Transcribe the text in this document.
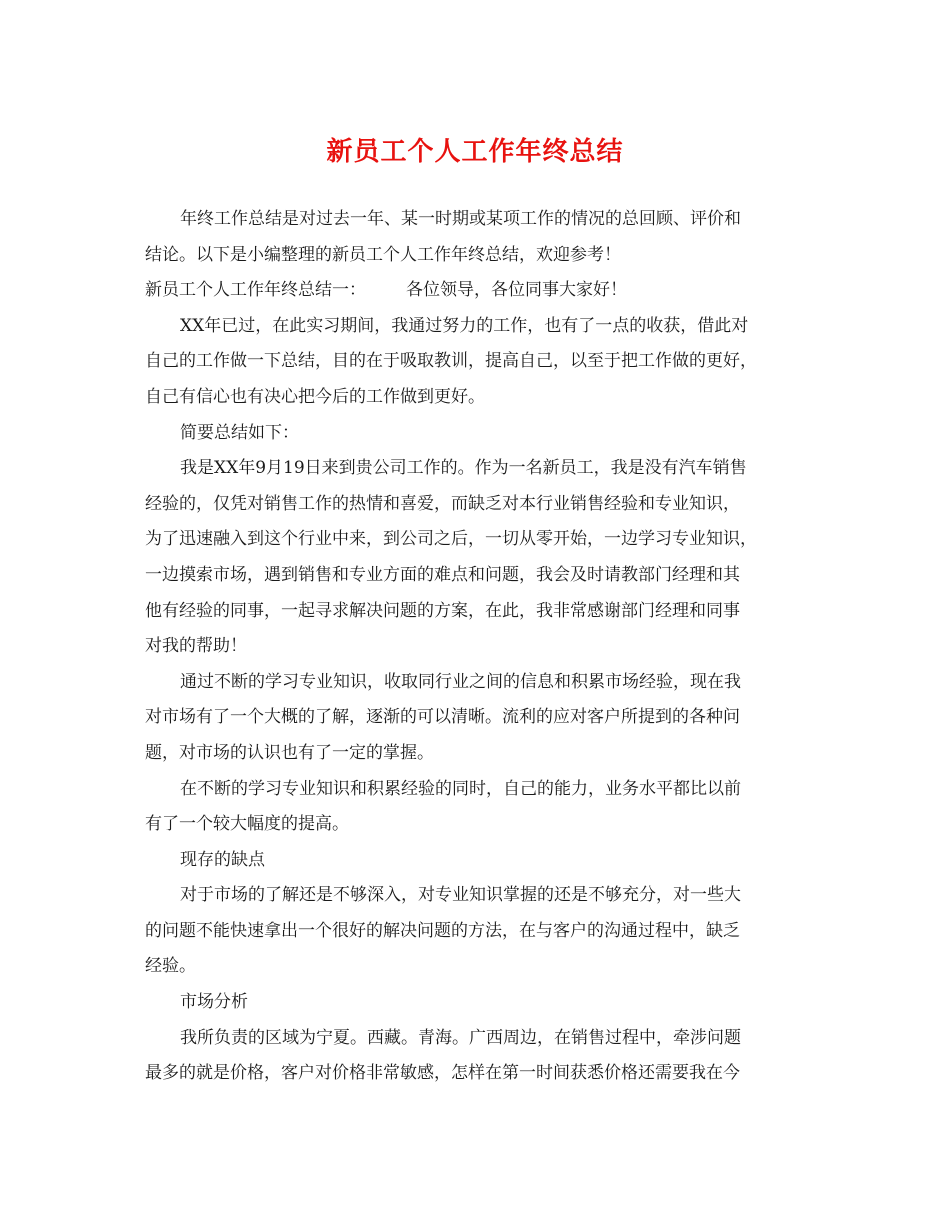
新员工个人工作年终总结
年终工作总结是对过去一年、某一时期或某项工作的情况的总回顾、评价和
结论。以下是小编整理的新员工个人工作年终总结，欢迎参考！
新员工个人工作年终总结一： 各位领导，各位同事大家好！
XX年已过，在此实习期间，我通过努力的工作，也有了一点的收获，借此对
自己的工作做一下总结，目的在于吸取教训，提高自己，以至于把工作做的更好，
自己有信心也有决心把今后的工作做到更好。
简要总结如下：
我是XX年9月19日来到贵公司工作的。作为一名新员工，我是没有汽车销售
经验的，仅凭对销售工作的热情和喜爱，而缺乏对本行业销售经验和专业知识，
为了迅速融入到这个行业中来，到公司之后，一切从零开始，一边学习专业知识，
一边摸索市场，遇到销售和专业方面的难点和问题，我会及时请教部门经理和其
他有经验的同事，一起寻求解决问题的方案，在此，我非常感谢部门经理和同事
对我的帮助！
通过不断的学习专业知识，收取同行业之间的信息和积累市场经验，现在我
对市场有了一个大概的了解，逐渐的可以清晰。流利的应对客户所提到的各种问
题，对市场的认识也有了一定的掌握。
在不断的学习专业知识和积累经验的同时，自己的能力，业务水平都比以前
有了一个较大幅度的提高。
现存的缺点
对于市场的了解还是不够深入，对专业知识掌握的还是不够充分，对一些大
的问题不能快速拿出一个很好的解决问题的方法，在与客户的沟通过程中，缺乏
经验。
市场分析
我所负责的区域为宁夏。西藏。青海。广西周边，在销售过程中，牵涉问题
最多的就是价格，客户对价格非常敏感，怎样在第一时间获悉价格还需要我在今
